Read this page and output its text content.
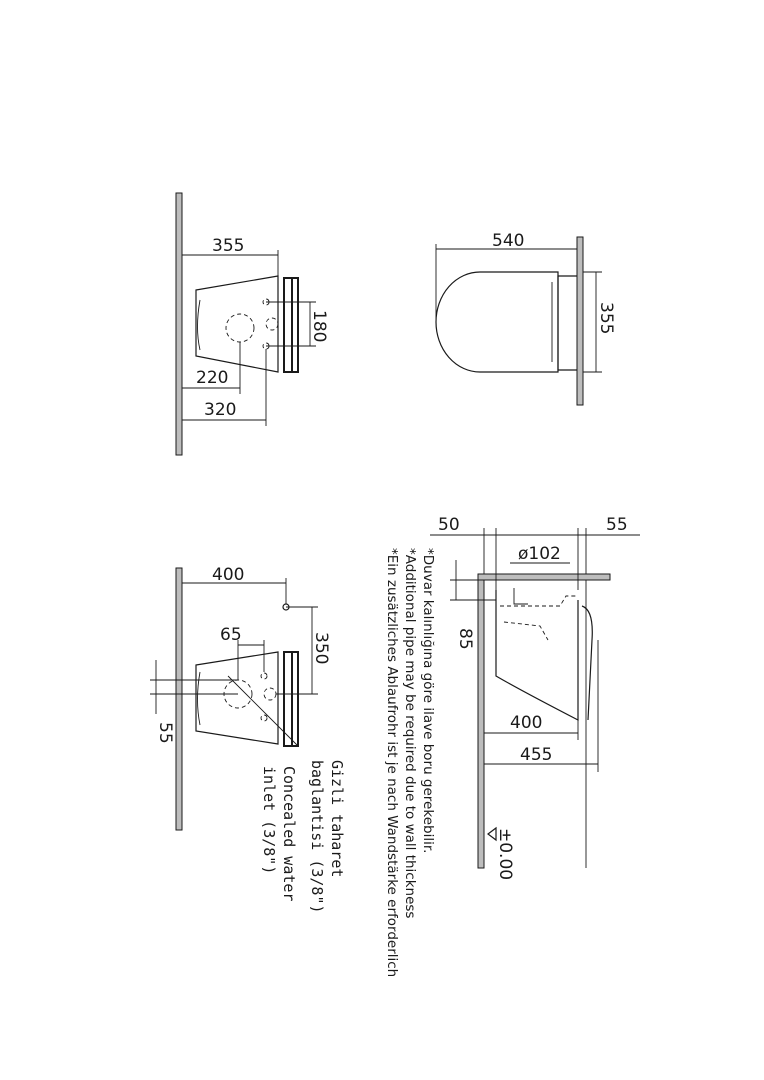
355
180
220
320
540
355
400
350
65
55
Gizli taharet
baglantisi (3/8")
Concealed water
inlet (3/8")	*Duvar kalınlığına göre ilave boru gerekebilir.
*Additional pipe may be required due to wall thickness
*Ein zusätzliches Ablaufrohr ist je nach Wandstärke erforderlich
50	55
ø102
85
400
455
±0.00
